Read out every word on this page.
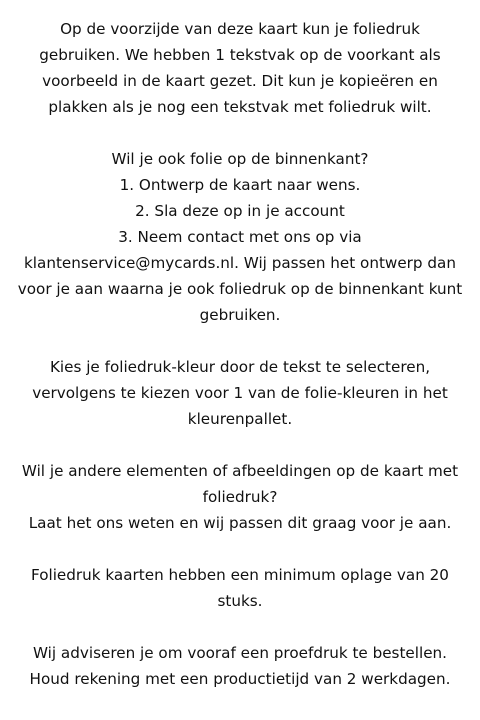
Op de voorzijde van deze kaart kun je foliedruk
gebruiken. We hebben 1 tekstvak op de voorkant als
voorbeeld in de kaart gezet. Dit kun je kopieëren en
plakken als je nog een tekstvak met foliedruk wilt.

Wil je ook folie op de binnenkant?
1. Ontwerp de kaart naar wens.
2. Sla deze op in je account
3. Neem contact met ons op via
klantenservice@mycards.nl. Wij passen het ontwerp dan
voor je aan waarna je ook foliedruk op de binnenkant kunt
gebruiken.

Kies je foliedruk-kleur door de tekst te selecteren,
vervolgens te kiezen voor 1 van de folie-kleuren in het
kleurenpallet.

Wil je andere elementen of afbeeldingen op de kaart met
foliedruk?
Laat het ons weten en wij passen dit graag voor je aan.

Foliedruk kaarten hebben een minimum oplage van 20
stuks.

Wij adviseren je om vooraf een proefdruk te bestellen.
Houd rekening met een productietijd van 2 werkdagen.
